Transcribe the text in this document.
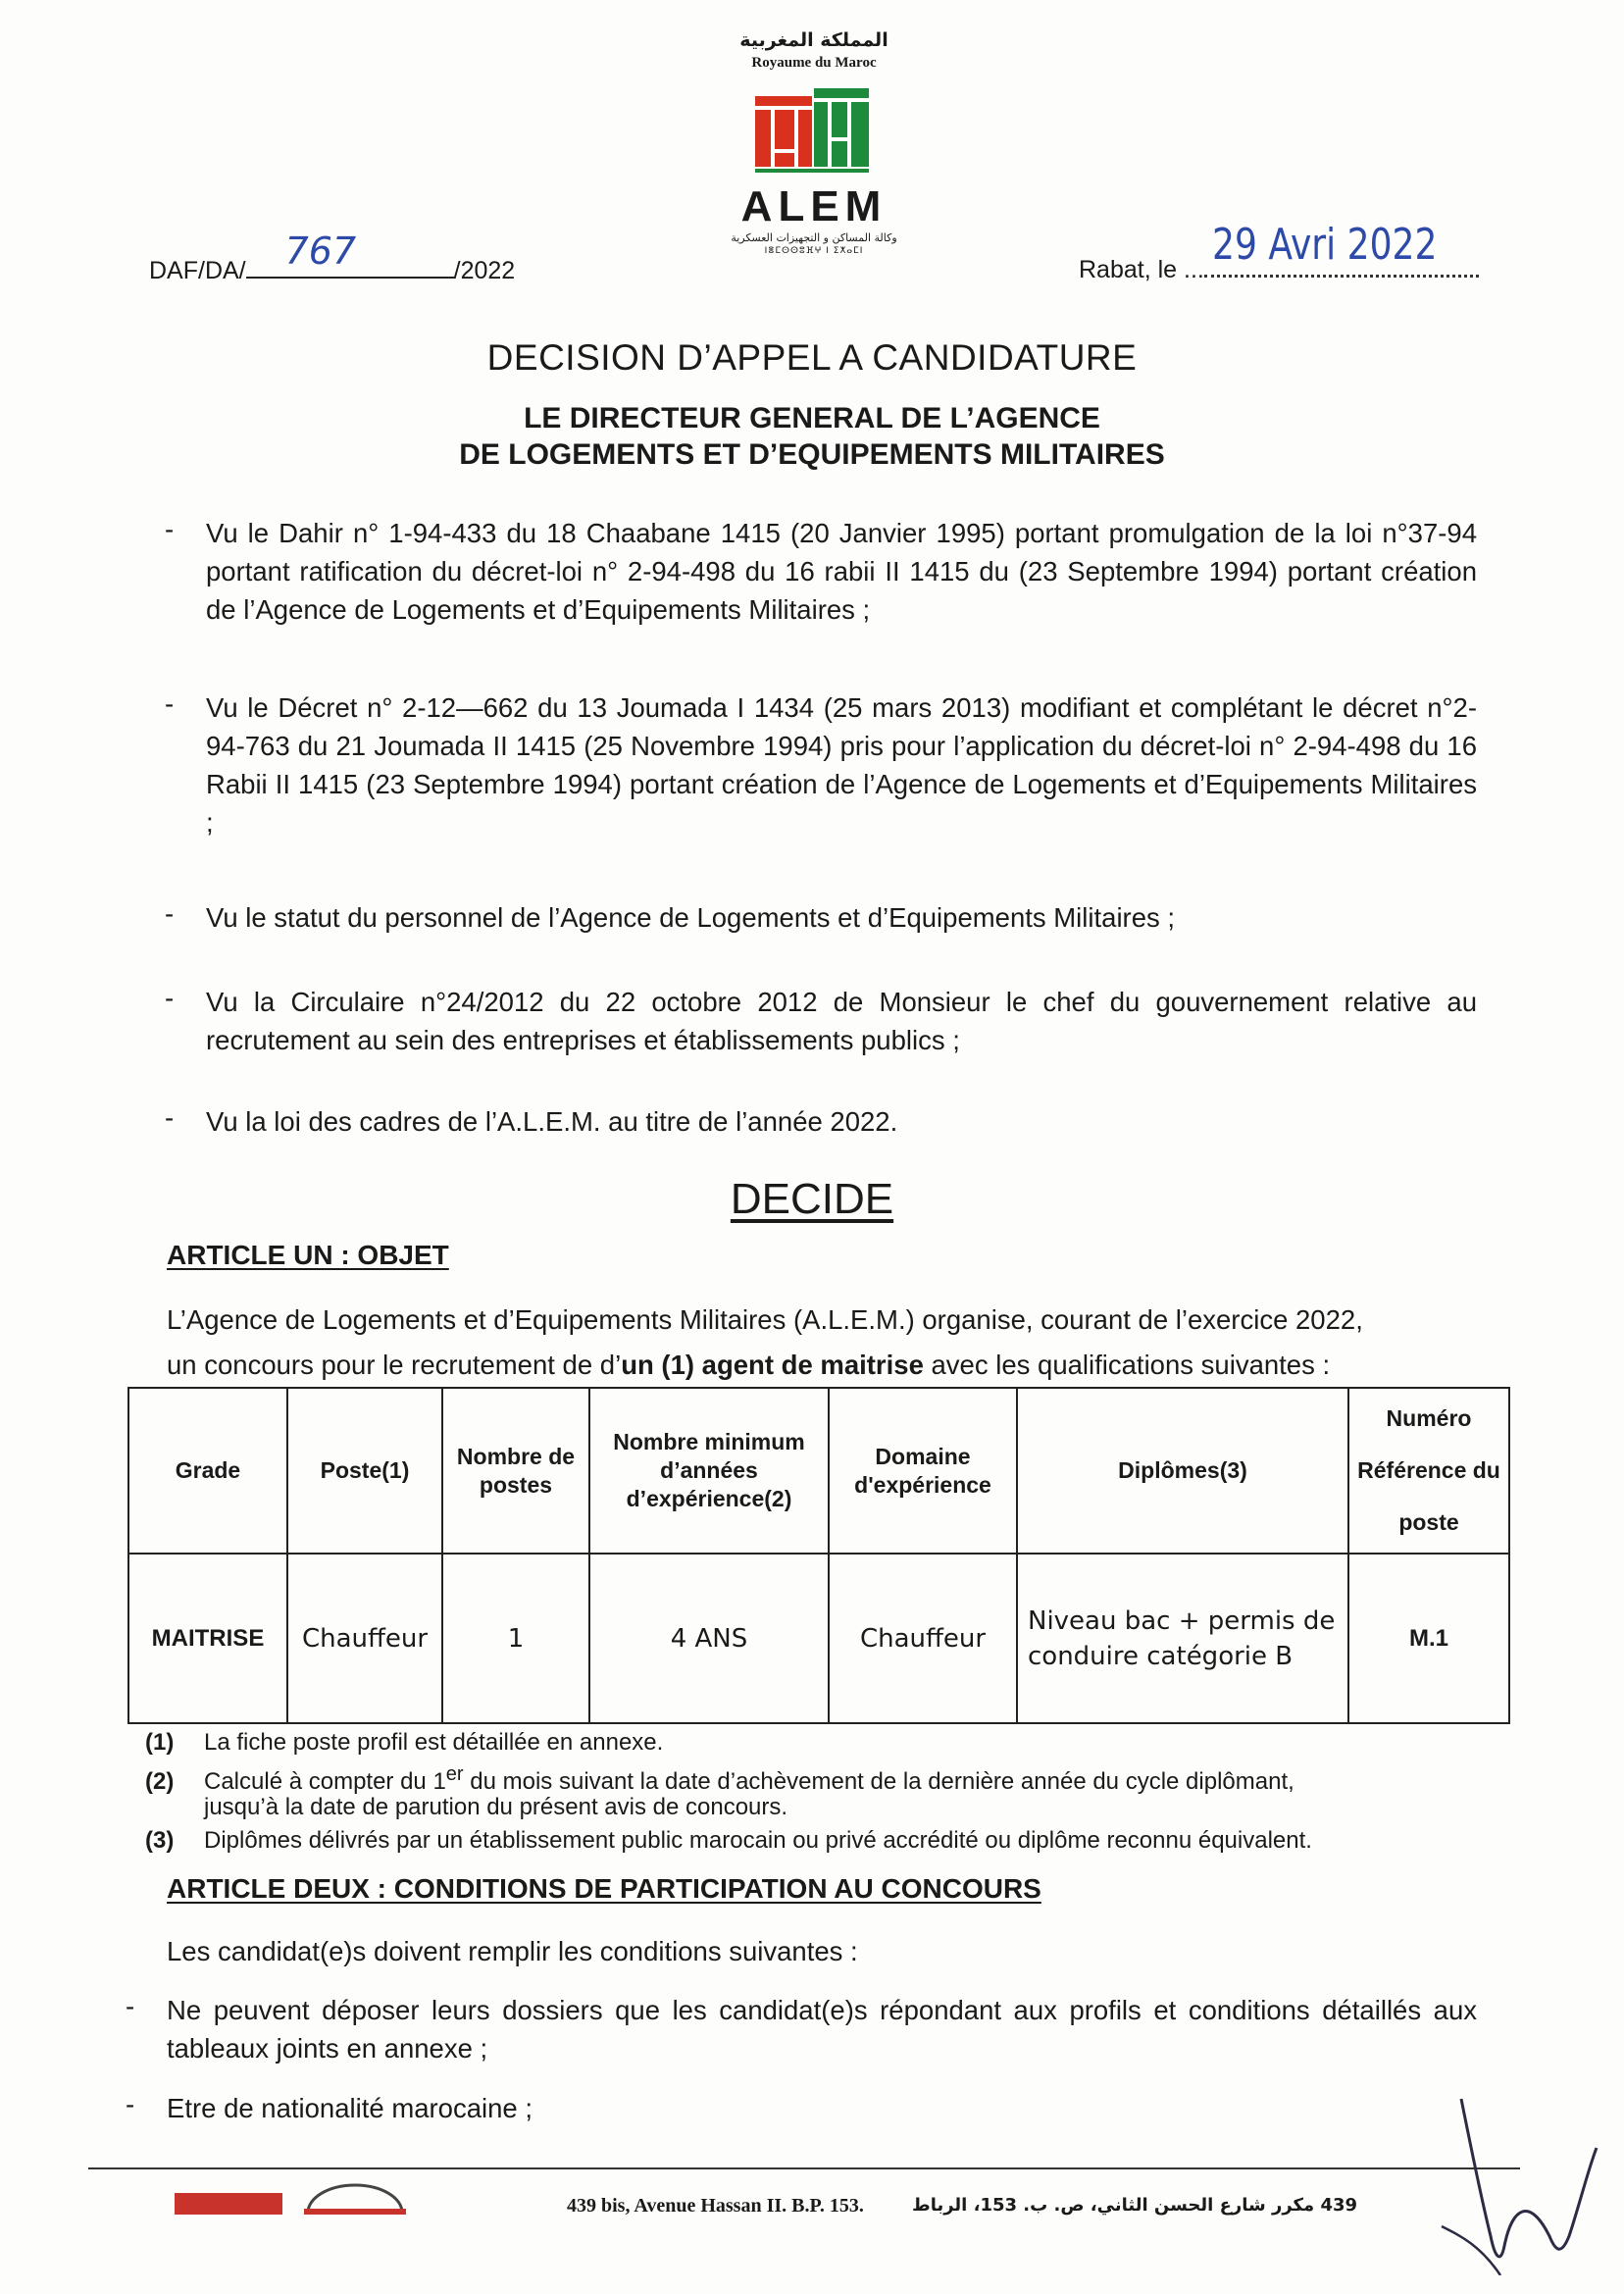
المملكة المغربية
Royaume du Maroc
ALEM
وكالة المساكن و التجهيزات العسكرية
ⵏⴻⵎⵙⵙⵓⴼⵖ ⵏ ⵉⵅⴰⵎⵏ
DAF/DA/ 767	/2022	Rabat, le ... 29 Avri 2022
DECISION D’APPEL A CANDIDATURE
LE DIRECTEUR GENERAL DE L’AGENCE
DE LOGEMENTS ET D’EQUIPEMENTS MILITAIRES
- Vu le Dahir n° 1-94-433 du 18 Chaabane 1415 (20 Janvier 1995) portant promulgation de la loi n°37-94 portant ratification du décret-loi n° 2-94-498 du 16 rabii II 1415 du (23 Septembre 1994) portant création de l’Agence de Logements et d’Equipements Militaires ;
- Vu le Décret n° 2-12—662 du 13 Joumada I 1434 (25 mars 2013) modifiant et complétant le décret n°2-94-763 du 21 Joumada II 1415 (25 Novembre 1994) pris pour l’application du décret-loi n° 2-94-498 du 16 Rabii II 1415 (23 Septembre 1994) portant création de l’Agence de Logements et d’Equipements Militaires ;
- Vu le statut du personnel de l’Agence de Logements et d’Equipements Militaires ;
- Vu la Circulaire n°24/2012 du 22 octobre 2012 de Monsieur le chef du gouvernement relative au recrutement au sein des entreprises et établissements publics ;
- Vu la loi des cadres de l’A.L.E.M. au titre de l’année 2022.
DECIDE
ARTICLE UN : OBJET
L’Agence de Logements et d’Equipements Militaires (A.L.E.M.) organise, courant de l’exercice 2022,
un concours pour le recrutement de d’un (1) agent de maitrise avec les qualifications suivantes :
Grade	Poste(1)	Nombre de postes	Nombre minimum d’années d’expérience(2)	Domaine d'expérience	Diplômes(3)	Numéro
Référence du
poste

MAITRISE	Chauffeur	1	4 ANS	Chauffeur	Niveau bac + permis de
conduire catégorie B	M.1
(1) La fiche poste profil est détaillée en annexe.
(2) Calculé à compter du 1er du mois suivant la date d’achèvement de la dernière année du cycle diplômant,
jusqu’à la date de parution du présent avis de concours.
(3) Diplômes délivrés par un établissement public marocain ou privé accrédité ou diplôme reconnu équivalent.
ARTICLE DEUX : CONDITIONS DE PARTICIPATION AU CONCOURS
Les candidat(e)s doivent remplir les conditions suivantes :
- Ne peuvent déposer leurs dossiers que les candidat(e)s répondant aux profils et conditions détaillés aux tableaux joints en annexe ;
- Etre de nationalité marocaine ;
439 bis, Avenue Hassan II. B.P. 153.	439 مكرر شارع الحسن الثاني، ص. ب. 153، الرباط
